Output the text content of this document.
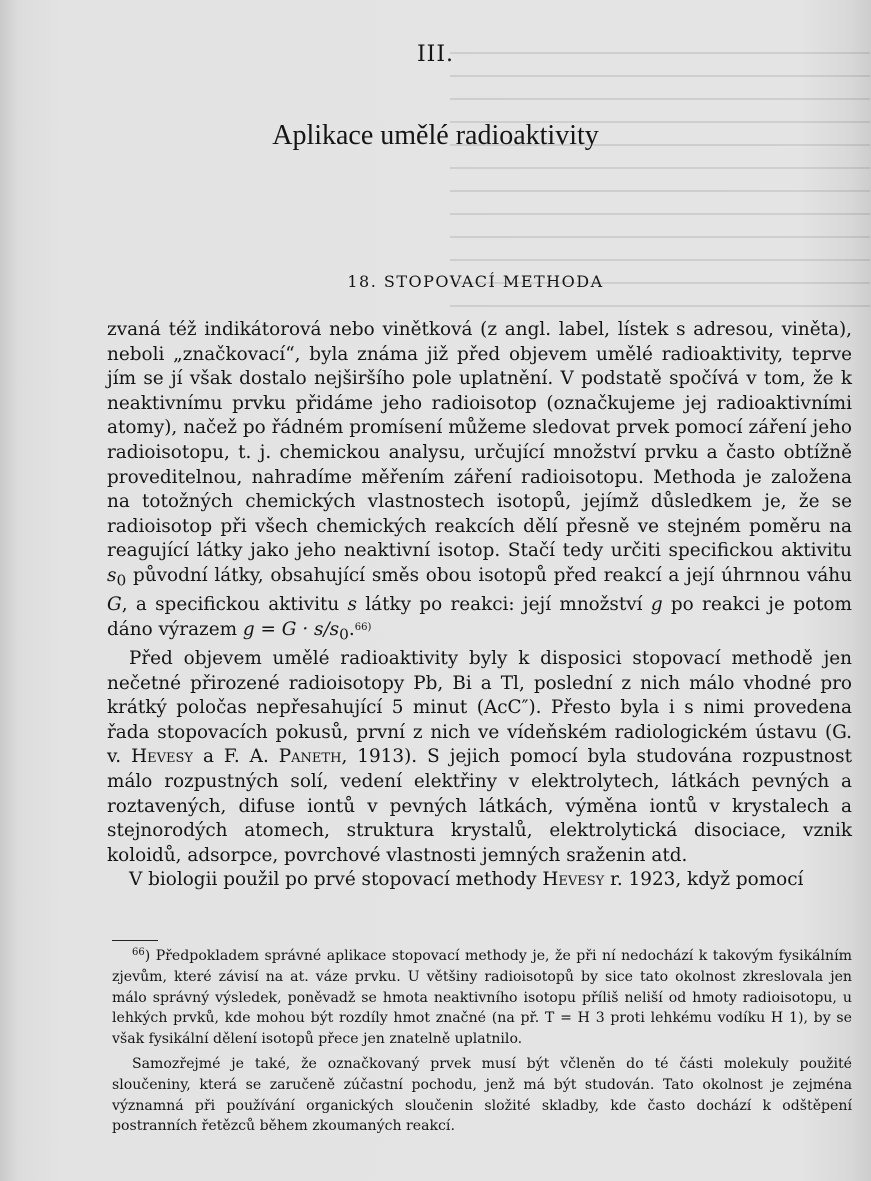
III.
Aplikace umělé radioaktivity
18. STOPOVACÍ METHODA

zvaná též indikátorová nebo vinětková (z angl. label, lístek s adresou, viněta), neboli „značkovací“, byla známa již před objevem umělé radioaktivity, teprve jím se jí však dostalo nejširšího pole uplatnění. V podstatě spočívá v tom, že k neaktivnímu prvku přidáme jeho radioisotop (označkujeme jej radioaktivními atomy), načež po řádném promísení můžeme sledovat prvek pomocí záření jeho radioisotopu, t. j. chemickou analysu, určující množství prvku a často obtížně proveditelnou, nahradíme měřením záření radioisotopu. Methoda je založena na totožných chemických vlastnostech isotopů, jejímž důsledkem je, že se radioisotop při všech chemických reakcích dělí přesně ve stejném poměru na reagující látky jako jeho neaktivní isotop. Stačí tedy určiti specifickou aktivitu $s_0$ původní látky, obsahující směs obou isotopů před reakcí a její úhrnnou váhu G, a specifickou aktivitu s látky po reakci: její množství g po reakci je potom dáno výrazem $g = G \cdot s/s_0.^{66)}$

Před objevem umělé radioaktivity byly k disposici stopovací methodě jen nečetné přirozené radioisotopy Pb, Bi a Tl, poslední z nich málo vhodné pro krátký poločas nepřesahující 5 minut (AcC″). Přesto byla i s nimi provedena řada stopovacích pokusů, první z nich ve vídeňském radiologickém ústavu (G. v. Hevesy a F. A. Paneth, 1913). S jejich pomocí byla studována rozpustnost málo rozpustných solí, vedení elektřiny v elektrolytech, látkách pevných a roztavených, difuse iontů v pevných látkách, výměna iontů v krystalech a stejnorodých atomech, struktura krystalů, elektrolytická disociace, vznik koloidů, adsorpce, povrchové vlastnosti jemných sraženin atd.

V biologii použil po prvé stopovací methody Hevesy r. 1923, když pomocí

$^{66}$) Předpokladem správné aplikace stopovací methody je, že při ní nedochází k takovým fysikálním zjevům, které závisí na at. váze prvku. U většiny radioisotopů by sice tato okolnost zkreslovala jen málo správný výsledek, poněvadž se hmota neaktivního isotopu příliš neliší od hmoty radioisotopu, u lehkých prvků, kde mohou být rozdíly hmot značné (na př. T = H 3 proti lehkému vodíku H 1), by se však fysikální dělení isotopů přece jen znatelně uplatnilo.

Samozřejmé je také, že označkovaný prvek musí být včleněn do té části molekuly použité sloučeniny, která se zaručeně zúčastní pochodu, jenž má být studován. Tato okolnost je zejména významná při používání organických sloučenin složité skladby, kde často dochází k odštěpení postranních řetězců během zkoumaných reakcí.
